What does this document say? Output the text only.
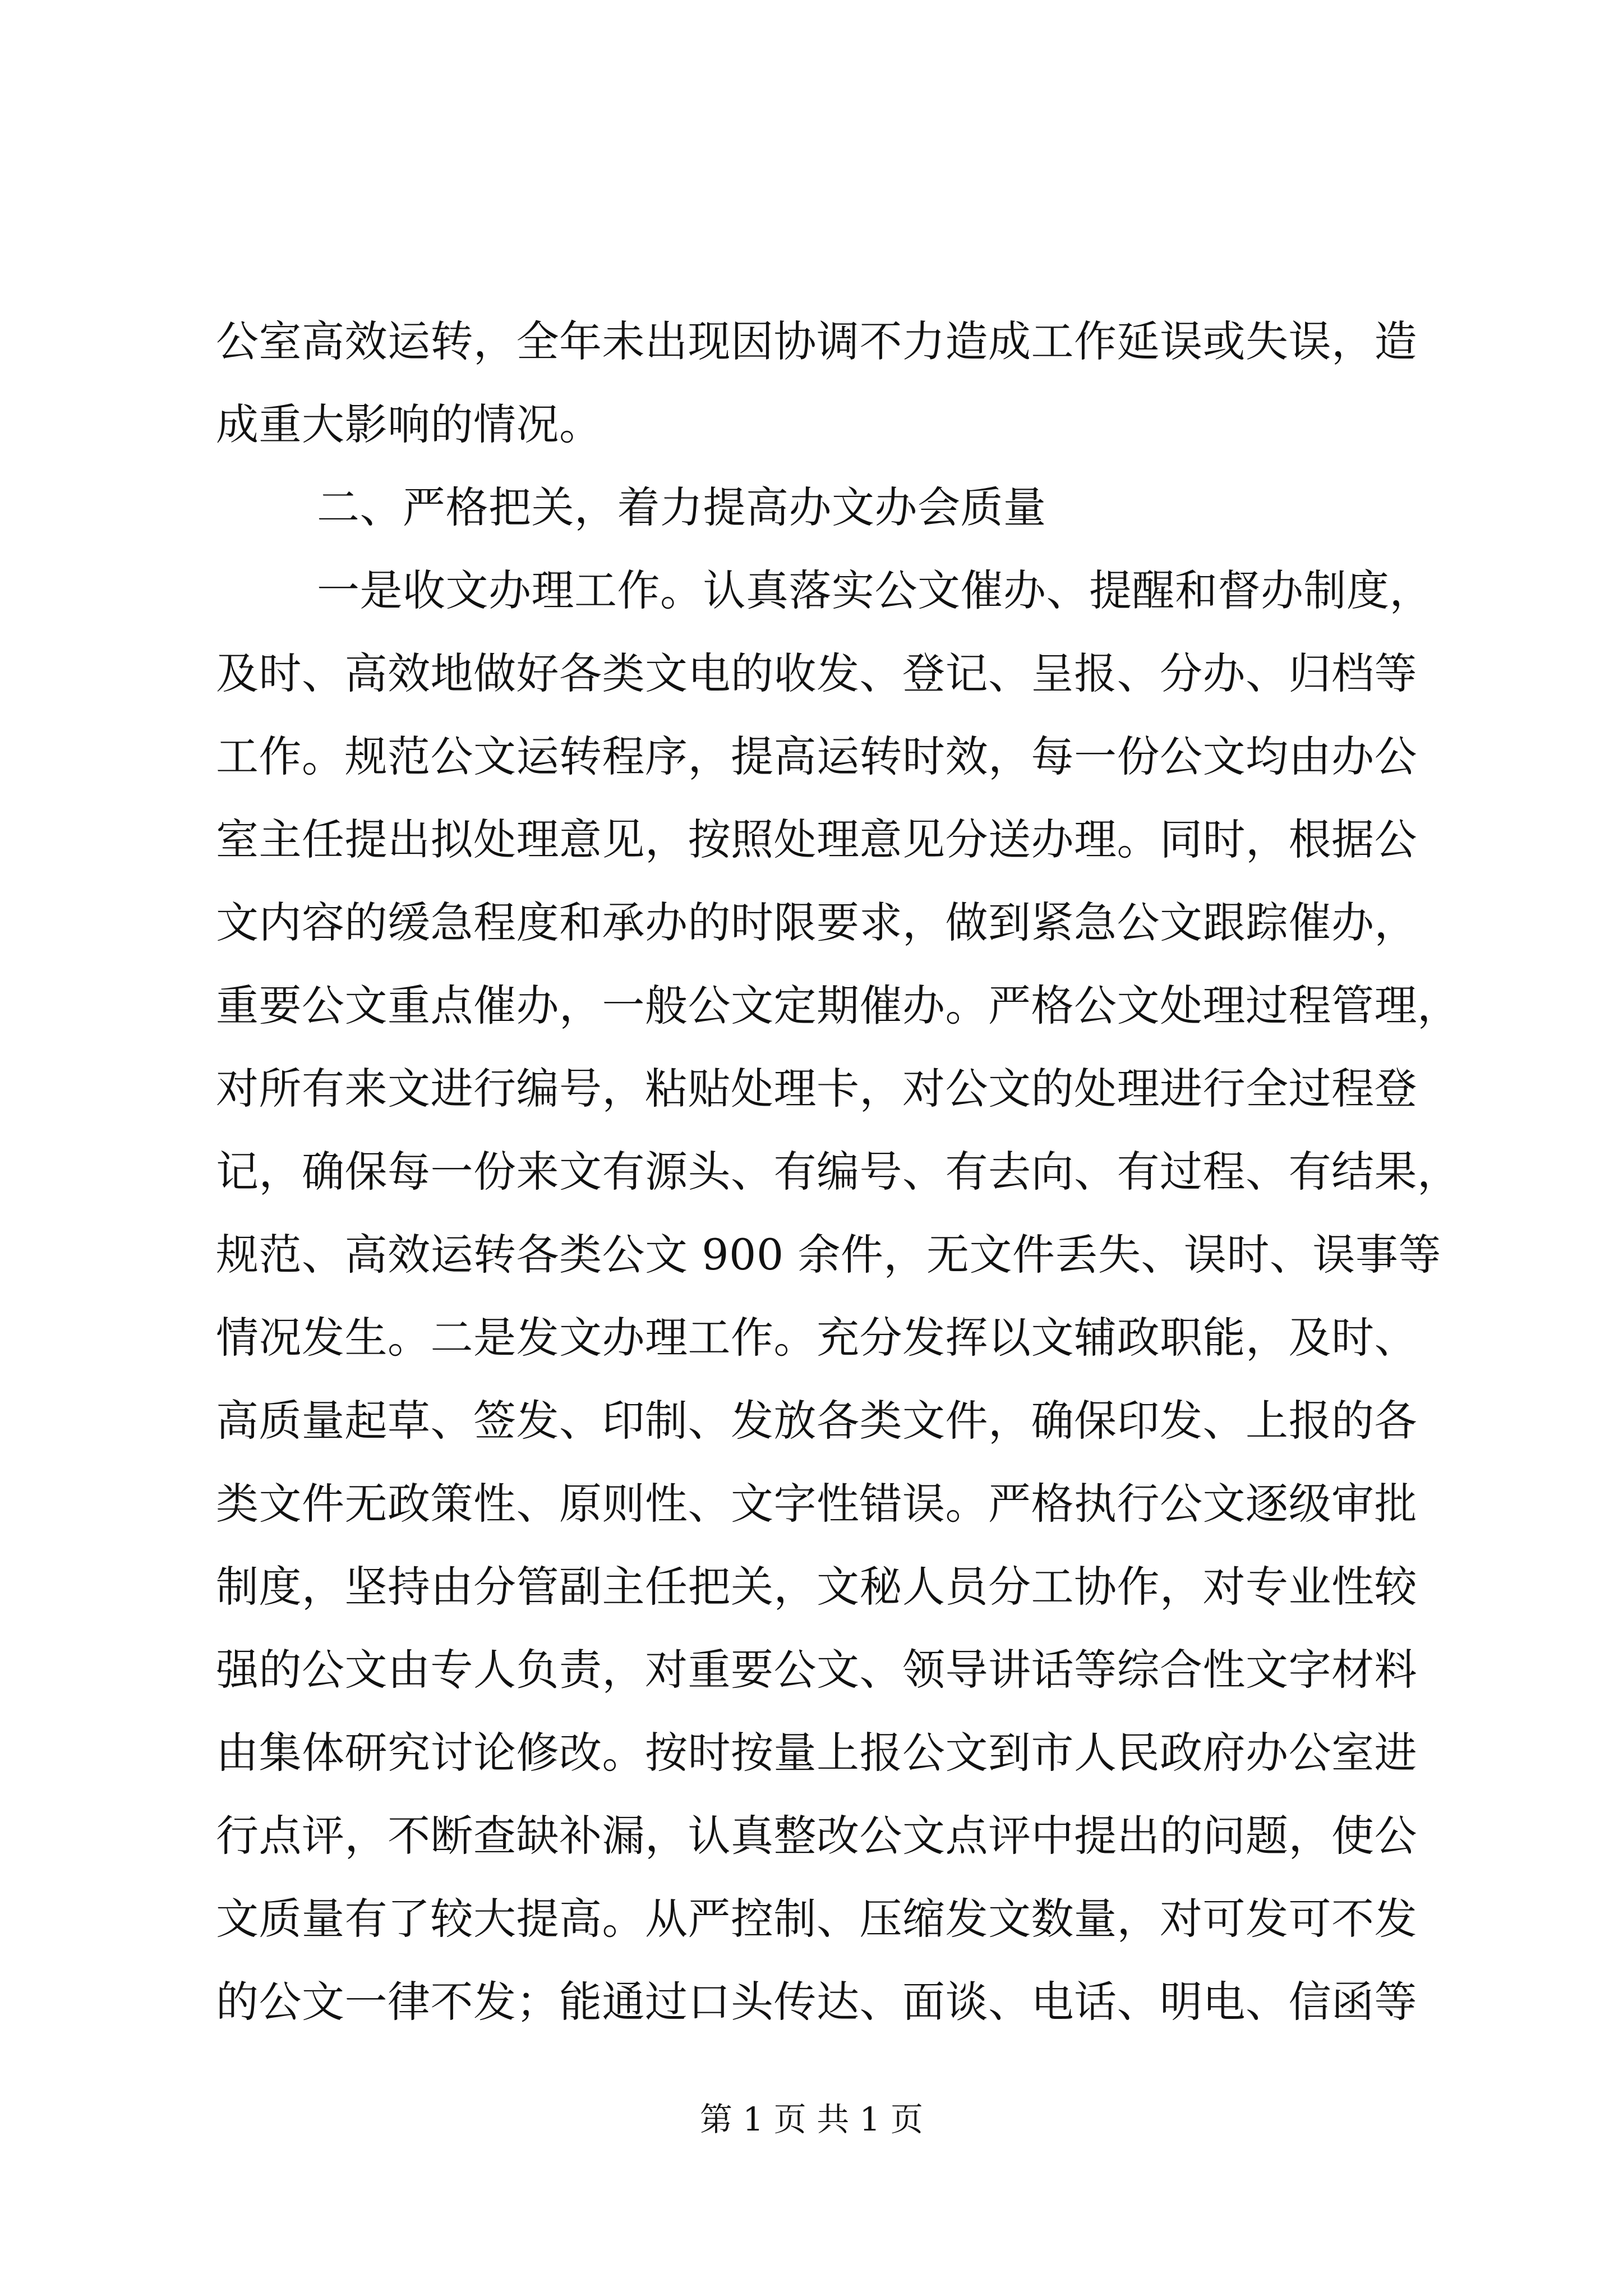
公室高效运转，全年未出现因协调不力造成工作延误或失误，造
成重大影响的情况。
二、严格把关，着力提高办文办会质量
一是收文办理工作。认真落实公文催办、提醒和督办制度，
及时、高效地做好各类文电的收发、登记、呈报、分办、归档等
工作。规范公文运转程序，提高运转时效，每一份公文均由办公
室主任提出拟处理意见，按照处理意见分送办理。同时，根据公
文内容的缓急程度和承办的时限要求，做到紧急公文跟踪催办，
重要公文重点催办，一般公文定期催办。严格公文处理过程管理，
对所有来文进行编号，粘贴处理卡，对公文的处理进行全过程登
记，确保每一份来文有源头、有编号、有去向、有过程、有结果，
规范、高效运转各类公文 900 余件，无文件丢失、误时、误事等
情况发生。二是发文办理工作。充分发挥以文辅政职能，及时、
高质量起草、签发、印制、发放各类文件，确保印发、上报的各
类文件无政策性、原则性、文字性错误。严格执行公文逐级审批
制度，坚持由分管副主任把关，文秘人员分工协作，对专业性较
强的公文由专人负责，对重要公文、领导讲话等综合性文字材料
由集体研究讨论修改。按时按量上报公文到市人民政府办公室进
行点评，不断查缺补漏，认真整改公文点评中提出的问题，使公
文质量有了较大提高。从严控制、压缩发文数量，对可发可不发
的公文一律不发；能通过口头传达、面谈、电话、明电、信函等
第 1 页 共 1 页
